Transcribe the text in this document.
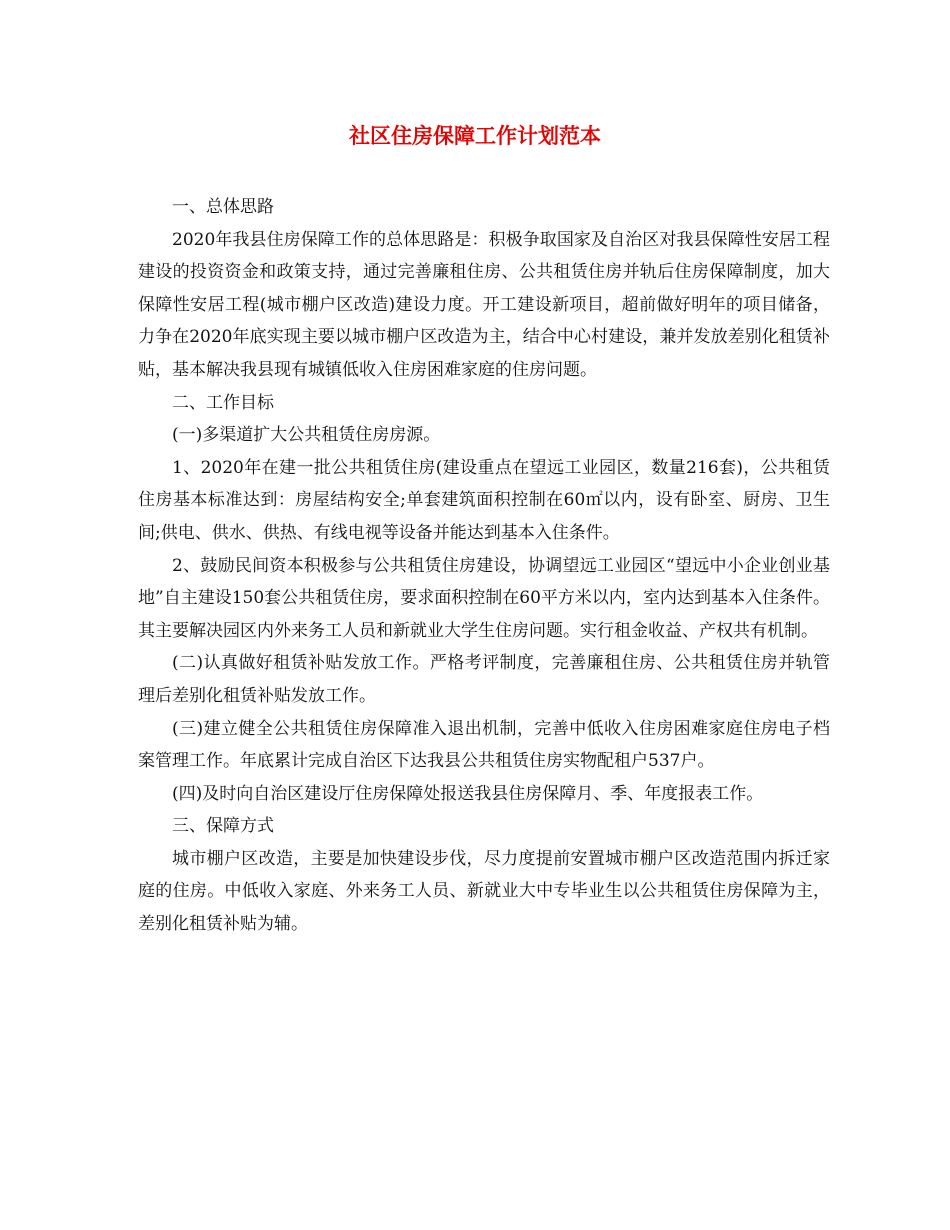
社区住房保障工作计划范本

一、总体思路

2020年我县住房保障工作的总体思路是：积极争取国家及自治区对我县保障性安居工程建设的投资资金和政策支持，通过完善廉租住房、公共租赁住房并轨后住房保障制度，加大保障性安居工程(城市棚户区改造)建设力度。开工建设新项目，超前做好明年的项目储备，力争在2020年底实现主要以城市棚户区改造为主，结合中心村建设，兼并发放差别化租赁补贴，基本解决我县现有城镇低收入住房困难家庭的住房问题。

二、工作目标

(一)多渠道扩大公共租赁住房房源。

1、2020年在建一批公共租赁住房(建设重点在望远工业园区，数量216套)，公共租赁住房基本标准达到：房屋结构安全;单套建筑面积控制在60㎡以内，设有卧室、厨房、卫生间;供电、供水、供热、有线电视等设备并能达到基本入住条件。

2、鼓励民间资本积极参与公共租赁住房建设，协调望远工业园区“望远中小企业创业基地”自主建设150套公共租赁住房，要求面积控制在60平方米以内，室内达到基本入住条件。其主要解决园区内外来务工人员和新就业大学生住房问题。实行租金收益、产权共有机制。

(二)认真做好租赁补贴发放工作。严格考评制度，完善廉租住房、公共租赁住房并轨管理后差别化租赁补贴发放工作。

(三)建立健全公共租赁住房保障准入退出机制，完善中低收入住房困难家庭住房电子档案管理工作。年底累计完成自治区下达我县公共租赁住房实物配租户537户。

(四)及时向自治区建设厅住房保障处报送我县住房保障月、季、年度报表工作。

三、保障方式

城市棚户区改造，主要是加快建设步伐，尽力度提前安置城市棚户区改造范围内拆迁家庭的住房。中低收入家庭、外来务工人员、新就业大中专毕业生以公共租赁住房保障为主，差别化租赁补贴为辅。
